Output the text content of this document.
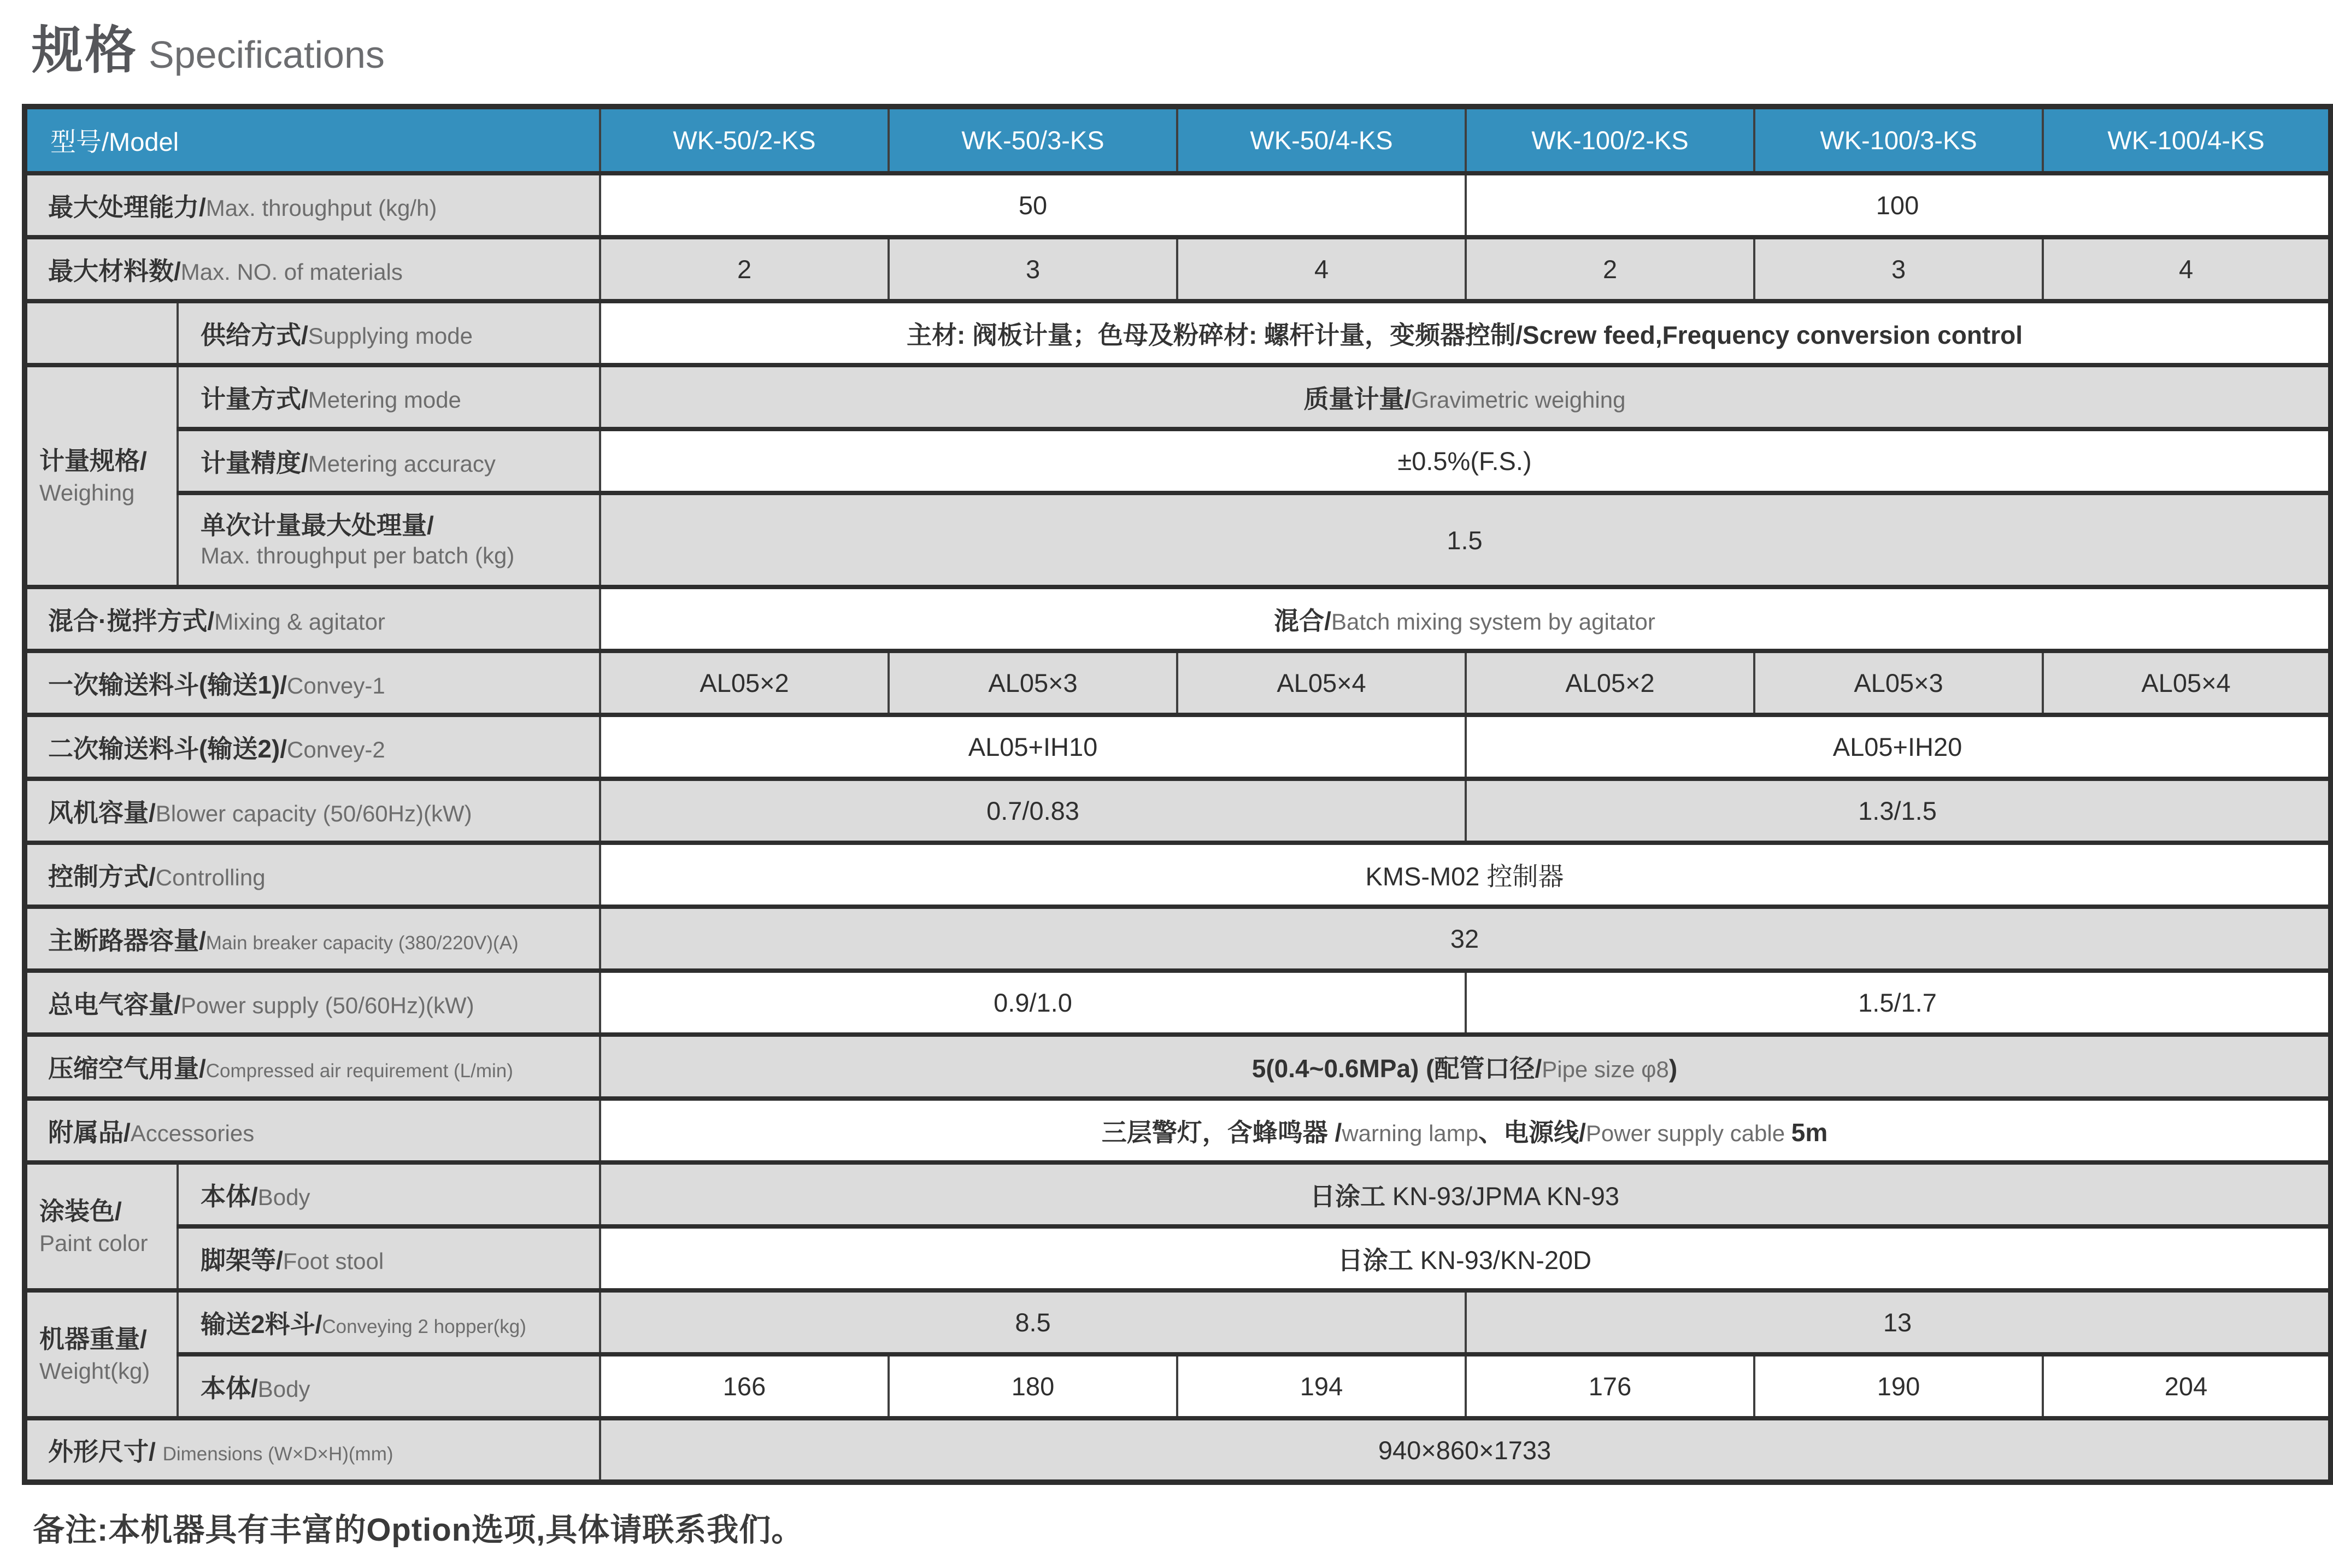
规格 Specifications
型号/Model		WK-50/2-KS	WK-50/3-KS	WK-50/4-KS	WK-100/2-KS	WK-100/3-KS	WK-100/4-KS
最大处理能力/Max. throughput (kg/h)		50			100		
最大材料数/Max. NO. of materials		2	3	4	2	3	4
	供给方式/Supplying mode	主材: 阀板计量；色母及粉碎材: 螺杆计量，变频器控制/Screw feed,Frequency conversion control					
计量规格/
Weighing	计量方式/Metering mode	质量计量/Gravimetric weighing					
	计量精度/Metering accuracy	±0.5%(F.S.)					
	单次计量最大处理量/
Max. throughput per batch (kg)	1.5					
混合·搅拌方式/Mixing & agitator		混合/Batch mixing system by agitator					
一次输送料斗(输送1)/Convey-1		AL05×2	AL05×3	AL05×4	AL05×2	AL05×3	AL05×4
二次输送料斗(输送2)/Convey-2		AL05+IH10			AL05+IH20		
风机容量/Blower capacity (50/60Hz)(kW)		0.7/0.83			1.3/1.5		
控制方式/Controlling		KMS-M02 控制器					
主断路器容量/Main breaker capacity (380/220V)(A)		32					
总电气容量/Power supply (50/60Hz)(kW)		0.9/1.0			1.5/1.7		
压缩空气用量/Compressed air requirement (L/min)		5(0.4~0.6MPa) (配管口径/Pipe size φ8)					
附属品/Accessories		三层警灯，含蜂鸣器 /warning lamp、电源线/Power supply cable 5m					
涂装色/
Paint color	本体/Body	日涂工 KN-93/JPMA KN-93					
	脚架等/Foot stool	日涂工 KN-93/KN-20D					
机器重量/
Weight(kg)	输送2料斗/Conveying 2 hopper(kg)	8.5			13		
	本体/Body	166	180	194	176	190	204
外形尺寸/ Dimensions (W×D×H)(mm)		940×860×1733					
备注:本机器具有丰富的Option选项,具体请联系我们。
